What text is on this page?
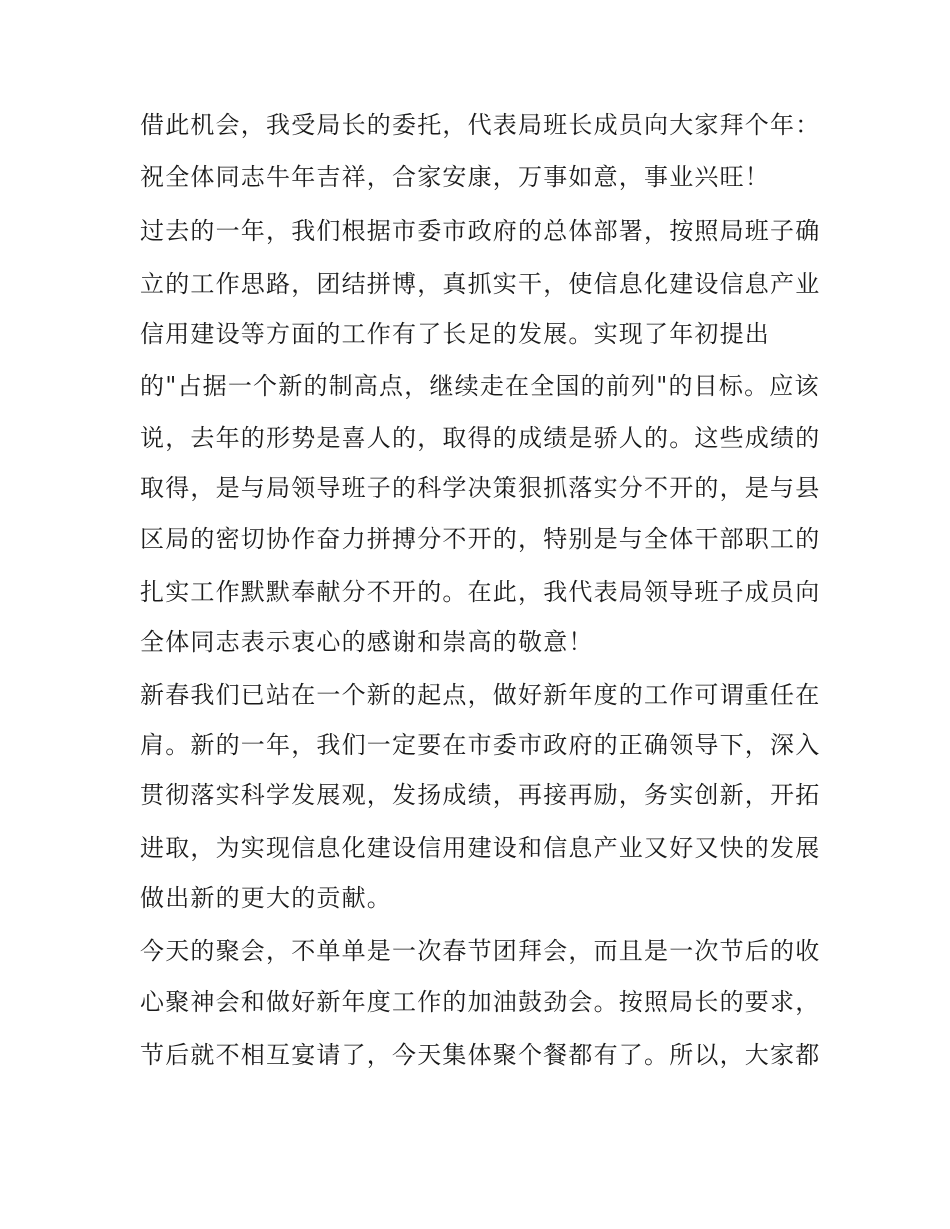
借此机会，我受局长的委托，代表局班长成员向大家拜个年：
祝全体同志牛年吉祥，合家安康，万事如意，事业兴旺！
过去的一年，我们根据市委市政府的总体部署，按照局班子确
立的工作思路，团结拼博，真抓实干，使信息化建设信息产业
信用建设等方面的工作有了长足的发展。实现了年初提出
的"占据一个新的制高点，继续走在全国的前列"的目标。应该
说，去年的形势是喜人的，取得的成绩是骄人的。这些成绩的
取得，是与局领导班子的科学决策狠抓落实分不开的，是与县
区局的密切协作奋力拼搏分不开的，特别是与全体干部职工的
扎实工作默默奉献分不开的。在此，我代表局领导班子成员向
全体同志表示衷心的感谢和崇高的敬意！
新春我们已站在一个新的起点，做好新年度的工作可谓重任在
肩。新的一年，我们一定要在市委市政府的正确领导下，深入
贯彻落实科学发展观，发扬成绩，再接再励，务实创新，开拓
进取，为实现信息化建设信用建设和信息产业又好又快的发展
做出新的更大的贡献。
今天的聚会，不单单是一次春节团拜会，而且是一次节后的收
心聚神会和做好新年度工作的加油鼓劲会。按照局长的要求，
节后就不相互宴请了，今天集体聚个餐都有了。所以，大家都
